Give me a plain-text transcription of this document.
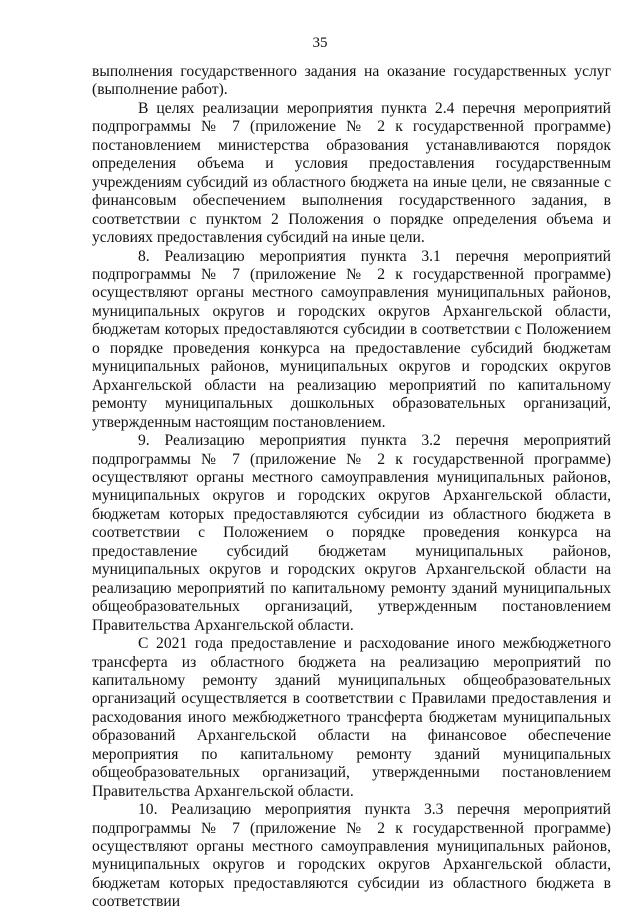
35

выполнения государственного задания на оказание государственных услуг (выполнение работ).

В целях реализации мероприятия пункта 2.4 перечня мероприятий подпрограммы № 7 (приложение № 2 к государственной программе) постановлением министерства образования устанавливаются порядок определения объема и условия предоставления государственным учреждениям субсидий из областного бюджета на иные цели, не связанные с финансовым обеспечением выполнения государственного задания, в соответствии с пунктом 2 Положения о порядке определения объема и условиях предоставления субсидий на иные цели.

8. Реализацию мероприятия пункта 3.1 перечня мероприятий подпрограммы № 7 (приложение № 2 к государственной программе) осуществляют органы местного самоуправления муниципальных районов, муниципальных округов и городских округов Архангельской области, бюджетам которых предоставляются субсидии в соответствии с Положением о порядке проведения конкурса на предоставление субсидий бюджетам муниципальных районов, муниципальных округов и городских округов Архангельской области на реализацию мероприятий по капитальному ремонту муниципальных дошкольных образовательных организаций, утвержденным настоящим постановлением.

9. Реализацию мероприятия пункта 3.2 перечня мероприятий подпрограммы № 7 (приложение № 2 к государственной программе) осуществляют органы местного самоуправления муниципальных районов, муниципальных округов и городских округов Архангельской области, бюджетам которых предоставляются субсидии из областного бюджета в соответствии с Положением о порядке проведения конкурса на предоставление субсидий бюджетам муниципальных районов, муниципальных округов и городских округов Архангельской области на реализацию мероприятий по капитальному ремонту зданий муниципальных общеобразовательных организаций, утвержденным постановлением Правительства Архангельской области.

С 2021 года предоставление и расходование иного межбюджетного трансферта из областного бюджета на реализацию мероприятий по капитальному ремонту зданий муниципальных общеобразовательных организаций осуществляется в соответствии с Правилами предоставления и расходования иного межбюджетного трансферта бюджетам муниципальных образований Архангельской области на финансовое обеспечение мероприятия по капитальному ремонту зданий муниципальных общеобразовательных организаций, утвержденными постановлением Правительства Архангельской области.

10. Реализацию мероприятия пункта 3.3 перечня мероприятий подпрограммы № 7 (приложение № 2 к государственной программе) осуществляют органы местного самоуправления муниципальных районов, муниципальных округов и городских округов Архангельской области, бюджетам которых предоставляются субсидии из областного бюджета в соответствии
